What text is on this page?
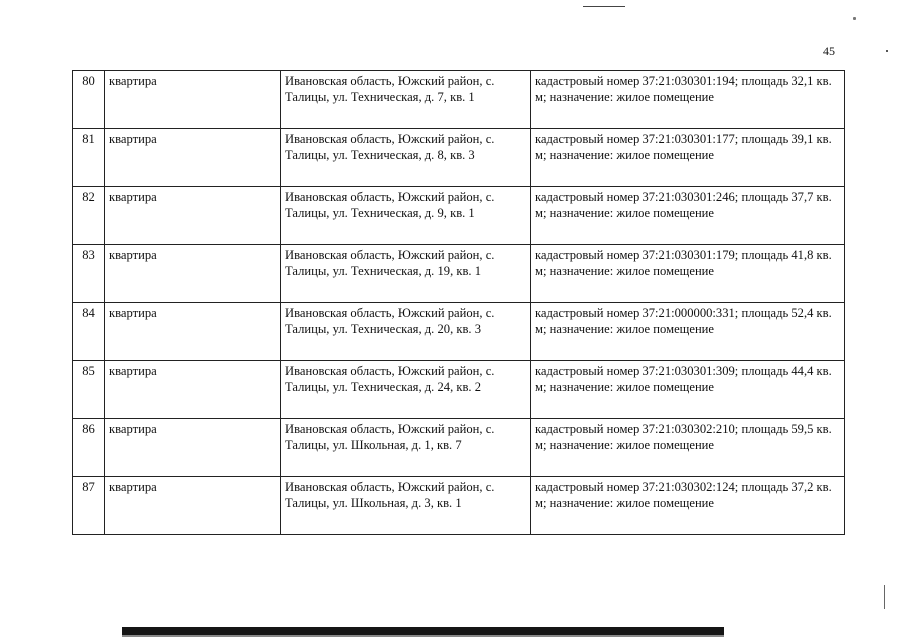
45
80	квартира	Ивановская область, Южский район, с. Талицы, ул. Техническая, д. 7, кв. 1	кадастровый номер 37:21:030301:194; площадь 32,1 кв. м; назначение: жилое помещение
81	квартира	Ивановская область, Южский район, с. Талицы, ул. Техническая, д. 8, кв. 3	кадастровый номер 37:21:030301:177; площадь 39,1 кв. м; назначение: жилое помещение
82	квартира	Ивановская область, Южский район, с. Талицы, ул. Техническая, д. 9, кв. 1	кадастровый номер 37:21:030301:246; площадь 37,7 кв. м; назначение: жилое помещение
83	квартира	Ивановская область, Южский район, с. Талицы, ул. Техническая, д. 19, кв. 1	кадастровый номер 37:21:030301:179; площадь 41,8 кв. м; назначение: жилое помещение
84	квартира	Ивановская область, Южский район, с. Талицы, ул. Техническая, д. 20, кв. 3	кадастровый номер 37:21:000000:331; площадь 52,4 кв. м; назначение: жилое помещение
85	квартира	Ивановская область, Южский район, с. Талицы, ул. Техническая, д. 24, кв. 2	кадастровый номер 37:21:030301:309; площадь 44,4 кв. м; назначение: жилое помещение
86	квартира	Ивановская область, Южский район, с. Талицы, ул. Школьная, д. 1, кв. 7	кадастровый номер 37:21:030302:210; площадь 59,5 кв. м; назначение: жилое помещение
87	квартира	Ивановская область, Южский район, с. Талицы, ул. Школьная, д. 3, кв. 1	кадастровый номер 37:21:030302:124; площадь 37,2 кв. м; назначение: жилое помещение
